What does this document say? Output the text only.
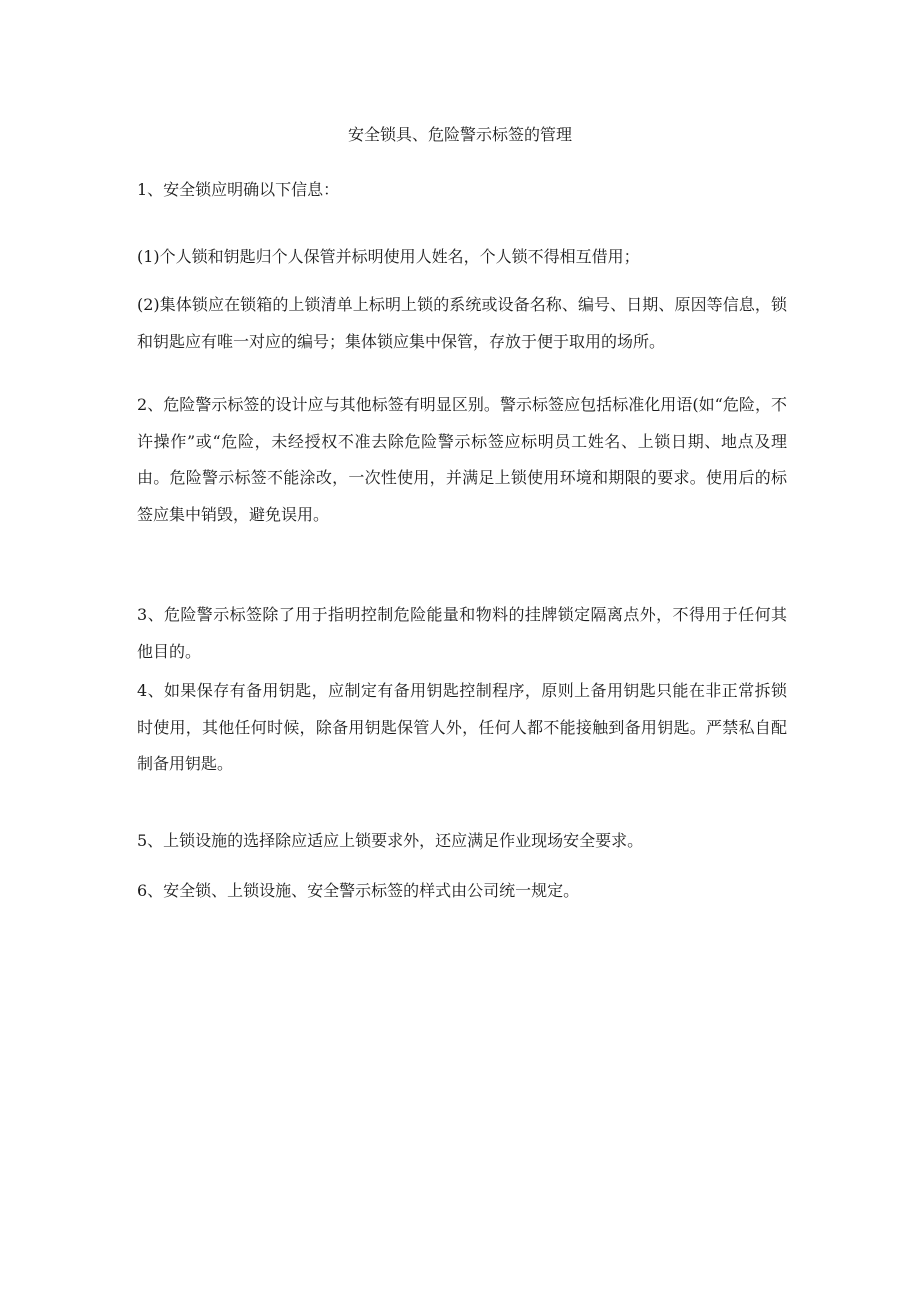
安全锁具、危险警示标签的管理
1、安全锁应明确以下信息：
(1)个人锁和钥匙归个人保管并标明使用人姓名，个人锁不得相互借用；
(2)集体锁应在锁箱的上锁清单上标明上锁的系统或设备名称、编号、日期、原因等信息，锁和钥匙应有唯一对应的编号；集体锁应集中保管，存放于便于取用的场所。
2、危险警示标签的设计应与其他标签有明显区别。警示标签应包括标准化用语(如“危险，不许操作”或“危险，未经授权不准去除危险警示标签应标明员工姓名、上锁日期、地点及理由。危险警示标签不能涂改，一次性使用，并满足上锁使用环境和期限的要求。使用后的标签应集中销毁，避免误用。
3、危险警示标签除了用于指明控制危险能量和物料的挂牌锁定隔离点外，不得用于任何其他目的。
4、如果保存有备用钥匙，应制定有备用钥匙控制程序，原则上备用钥匙只能在非正常拆锁时使用，其他任何时候，除备用钥匙保管人外，任何人都不能接触到备用钥匙。严禁私自配制备用钥匙。
5、上锁设施的选择除应适应上锁要求外，还应满足作业现场安全要求。
6、安全锁、上锁设施、安全警示标签的样式由公司统一规定。
